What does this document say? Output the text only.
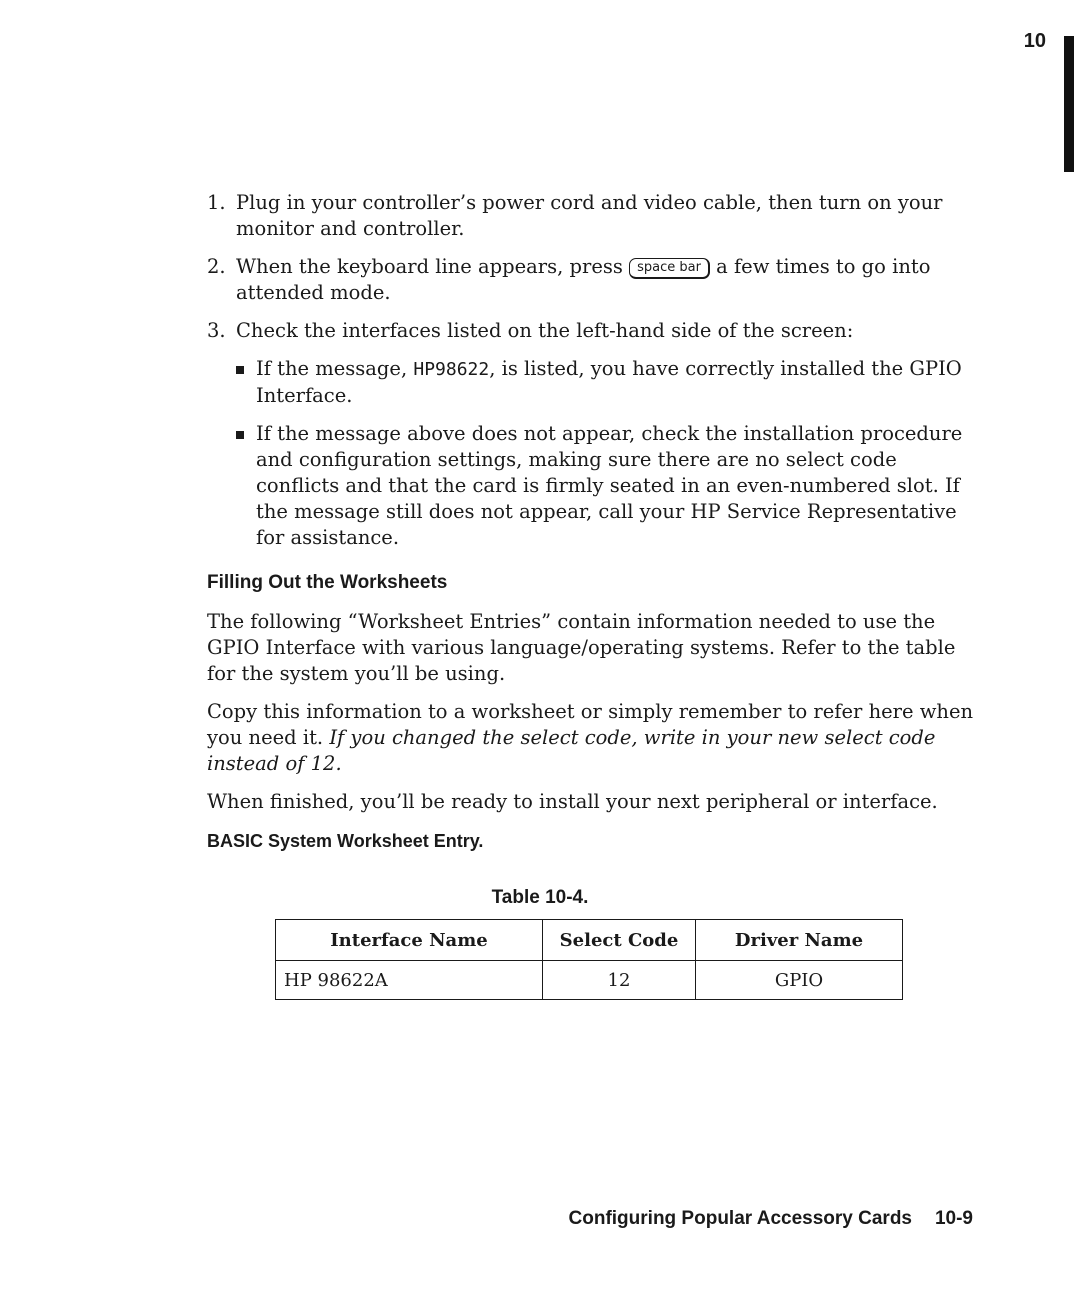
10
1. Plug in your controller’s power cord and video cable, then turn on your monitor and controller.
2. When the keyboard line appears, press space bar a few times to go into attended mode.
3. Check the interfaces listed on the left-hand side of the screen:
If the message, HP98622, is listed, you have correctly installed the GPIO Interface.
If the message above does not appear, check the installation procedure and configuration settings, making sure there are no select code conflicts and that the card is firmly seated in an even-numbered slot. If the message still does not appear, call your HP Service Representative for assistance.
Filling Out the Worksheets

The following “Worksheet Entries” contain information needed to use the GPIO Interface with various language/operating systems. Refer to the table for the system you’ll be using.

Copy this information to a worksheet or simply remember to refer here when you need it. If you changed the select code, write in your new select code instead of 12.

When finished, you’ll be ready to install your next peripheral or interface.

BASIC System Worksheet Entry.
Table 10-4.
Interface Name	Select Code	Driver Name
HP 98622A	12	GPIO
Configuring Popular Accessory Cards 10-9
